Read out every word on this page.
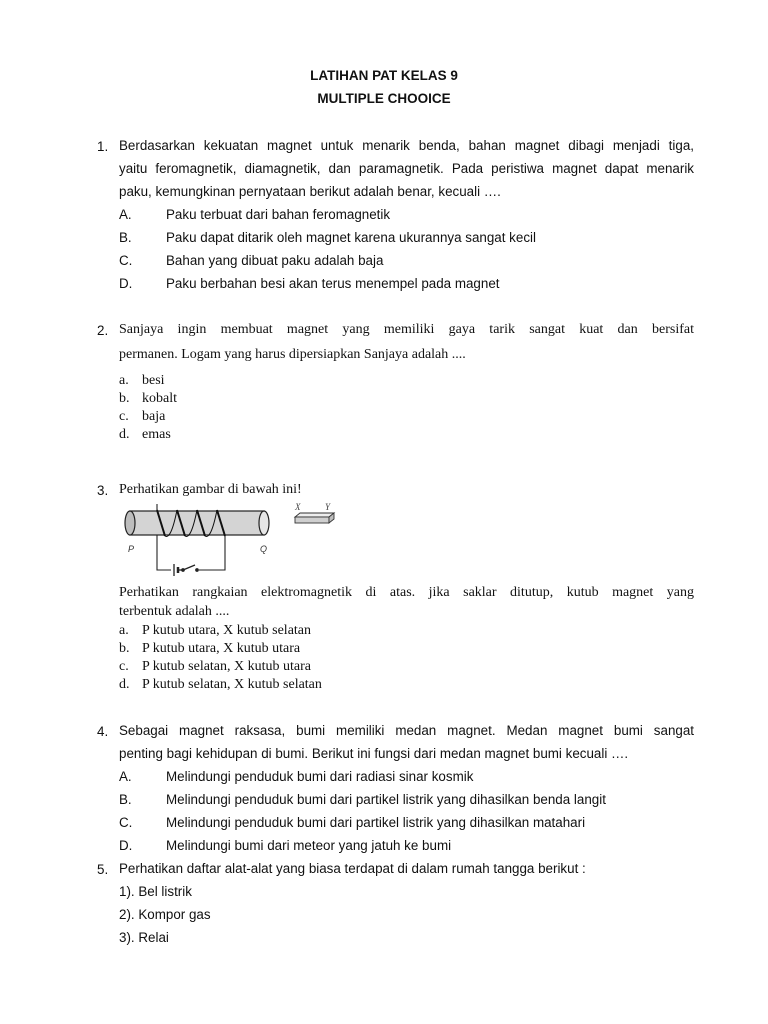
LATIHAN PAT KELAS 9
MULTIPLE CHOOICE
1. Berdasarkan kekuatan magnet untuk menarik benda, bahan magnet dibagi menjadi tiga,
yaitu feromagnetik, diamagnetik, dan paramagnetik. Pada peristiwa magnet dapat menarik
paku, kemungkinan pernyataan berikut adalah benar, kecuali ….
A.	Paku terbuat dari bahan feromagnetik
B.	Paku dapat ditarik oleh magnet karena ukurannya sangat kecil
C.	Bahan yang dibuat paku adalah baja
D.	Paku berbahan besi akan terus menempel pada magnet
2. Sanjaya ingin membuat magnet yang memiliki gaya tarik sangat kuat dan bersifat
permanen. Logam yang harus dipersiapkan Sanjaya adalah ....
a. besi
b. kobalt
c. baja
d. emas
3. Perhatikan gambar di bawah ini!
P	Q
X	Y
Perhatikan rangkaian elektromagnetik di atas. jika saklar ditutup, kutub magnet yang
terbentuk adalah ....
a. P kutub utara, X kutub selatan
b. P kutub utara, X kutub utara
c. P kutub selatan, X kutub utara
d. P kutub selatan, X kutub selatan
4. Sebagai magnet raksasa, bumi memiliki medan magnet. Medan magnet bumi sangat
penting bagi kehidupan di bumi. Berikut ini fungsi dari medan magnet bumi kecuali ….
A.	Melindungi penduduk bumi dari radiasi sinar kosmik
B.	Melindungi penduduk bumi dari partikel listrik yang dihasilkan benda langit
C.	Melindungi penduduk bumi dari partikel listrik yang dihasilkan matahari
D.	Melindungi bumi dari meteor yang jatuh ke bumi
5. Perhatikan daftar alat-alat yang biasa terdapat di dalam rumah tangga berikut :
1). Bel listrik
2). Kompor gas
3). Relai
